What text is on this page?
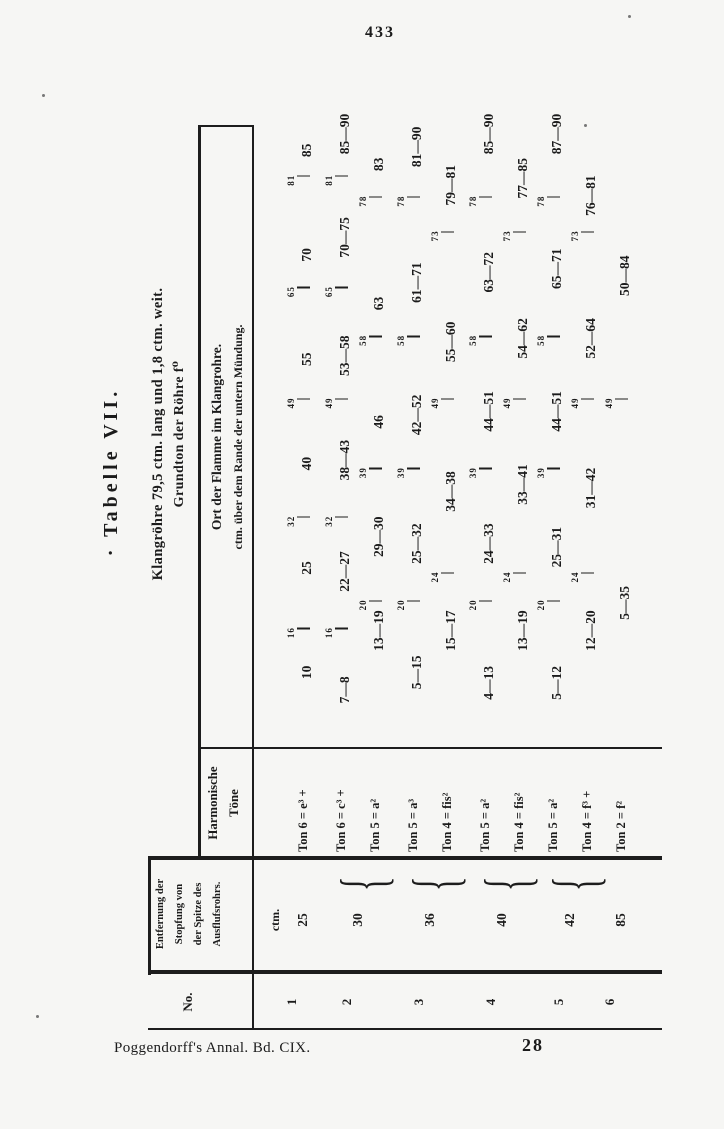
433
Poggendorff's Annal. Bd. CIX.	28
· Tabelle VII. Klangröhre 79,5 ctm. lang und 1,8 ctm. weit. Grundton der Röhre f⁰
No.
Entfernung der Stopfung von der Spitze des Ausflufsrohrs.	ctm.
Harmonische Töne
Ort der Flamme im Klangrohre. ctm. über dem Rande der untern Mündung.
Ton 6 = e³ +
10
16
25
32
40
49
55
65
70
81
85
Ton 6 = c³ +
7—8
16
22—27
32
38—43
49
53—58
65
70—75
81
85—90
Ton 5 = a²
13—19
20
29—30
39
46
58
63
78
83
Ton 5 = a³
5—15
20
25—32
39
42—52
58
61—71
78
81—90
Ton 4 = fis²
15—17
24
34—38
49
55—60
73
79—81
Ton 5 = a²
4—13
20
24—33
39
44—51
58
63—72
78
85—90
Ton 4 = fis²
13—19
24
33—41
49
54—62
73
77—85
Ton 5 = a²
5—12
20
25—31
39
44—51
58
65—71
78
87—90
Ton 4 = f³ +
12—20
24
31—42
49
52—64
73
76—81
Ton 2 = f²
5—35
49
50—84
1
25
2
30
{
3
36
{
4
40
{
5
42
{
6
85
